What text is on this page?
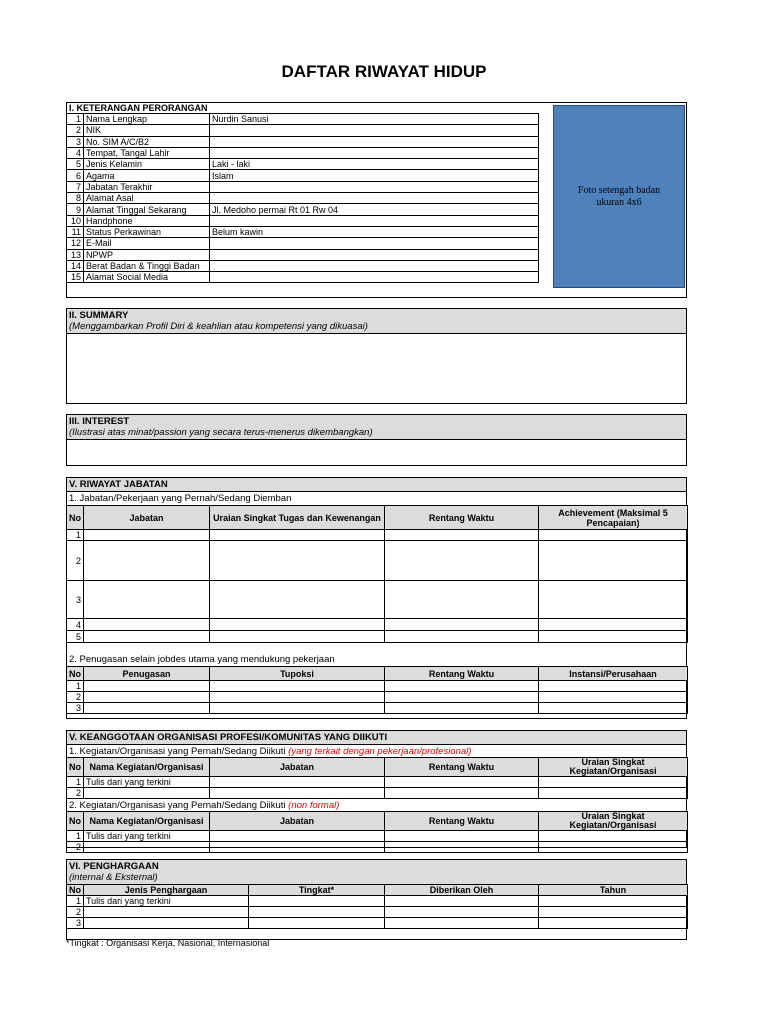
DAFTAR RIWAYAT HIDUP
I. KETERANGAN PERORANGAN
1	Nama Lengkap	Nurdin Sanusi
2	NIK	
3	No. SIM A/C/B2	
4	Tempat, Tangal Lahir	
5	Jenis Kelamin	Laki - laki
6	Agama	Islam
7	Jabatan Terakhir	
8	Alamat Asal	
9	Alamat Tinggal Sekarang	Jl. Medoho permai Rt 01 Rw 04
10	Handphone	
11	Status Perkawinan	Belum kawin
12	E-Mail	
13	NPWP	
14	Berat Badan & Tinggi Badan	
15	Alamat Social Media	
Foto setengah badan
ukuran 4x6
II. SUMMARY
(Menggambarkan Profil Diri & keahlian atau kompetensi yang dikuasai)
III. INTEREST
(Ilustrasi atas minat/passion yang secara terus-menerus dikembangkan)
V. RIWAYAT JABATAN
1. Jabatan/Pekerjaan yang Pernah/Sedang Diemban
No	Jabatan	Uraian Singkat Tugas dan Kewenangan	Rentang Waktu	Achievement (Maksimal 5 Pencapaian)
1				
2				
3				
4				
5				
2. Penugasan selain jobdes utama yang mendukung pekerjaan
No	Penugasan	Tupoksi	Rentang Waktu	Instansi/Perusahaan
1				
2				
3				
V. KEANGGOTAAN ORGANISASI PROFESI/KOMUNITAS YANG DIIKUTI
1. Kegiatan/Organisasi yang Pernah/Sedang Diikuti (yang terkait dengan pekerjaan/profesional)
No	Nama Kegiatan/Organisasi	Jabatan	Rentang Waktu	Uraian Singkat Kegiatan/Organisasi
1	Tulis dari yang terkini			
2				
2. Kegiatan/Organisasi yang Pernah/Sedang Diikuti (non formal)
No	Nama Kegiatan/Organisasi	Jabatan	Rentang Waktu	Uraian Singkat Kegiatan/Organisasi
1	Tulis dari yang terkini			
2				
VI. PENGHARGAAN
(internal & Eksternal)
No	Jenis Penghargaan	Tingkat*	Diberikan Oleh	Tahun
1	Tulis dari yang terkini			
2				
3				
*Tingkat : Organisasi Kerja, Nasional, Internasional
